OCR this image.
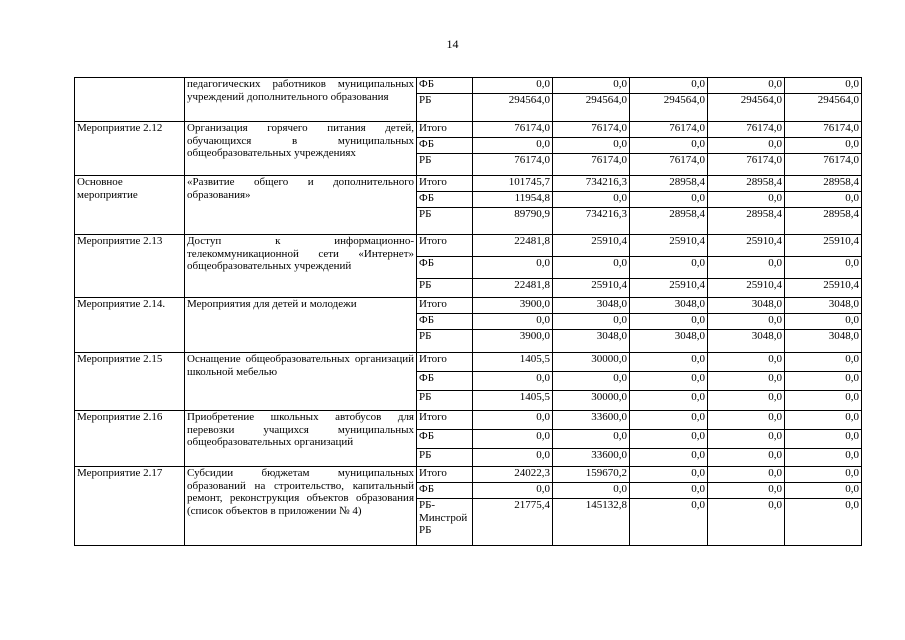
14
	педагогических работников муниципальных учреждений дополнительного образования	ФБ	0,0	0,0	0,0	0,0	0,0
		РБ	294564,0	294564,0	294564,0	294564,0	294564,0
Мероприятие 2.12	Организация горячего питания детей, обучающихся в муниципальных общеобразовательных учреждениях	Итого	76174,0	76174,0	76174,0	76174,0	76174,0
		ФБ	0,0	0,0	0,0	0,0	0,0
		РБ	76174,0	76174,0	76174,0	76174,0	76174,0
Основное мероприятие	«Развитие общего и дополнительного образования»	Итого	101745,7	734216,3	28958,4	28958,4	28958,4
		ФБ	11954,8	0,0	0,0	0,0	0,0
		РБ	89790,9	734216,3	28958,4	28958,4	28958,4
Мероприятие 2.13	Доступ к информационно-телекоммуникационной сети «Интернет» общеобразовательных учреждений	Итого	22481,8	25910,4	25910,4	25910,4	25910,4
		ФБ	0,0	0,0	0,0	0,0	0,0
		РБ	22481,8	25910,4	25910,4	25910,4	25910,4
Мероприятие 2.14.	Мероприятия для детей и молодежи	Итого	3900,0	3048,0	3048,0	3048,0	3048,0
		ФБ	0,0	0,0	0,0	0,0	0,0
		РБ	3900,0	3048,0	3048,0	3048,0	3048,0
Мероприятие 2.15	Оснащение общеобразовательных организаций школьной мебелью	Итого	1405,5	30000,0	0,0	0,0	0,0
		ФБ	0,0	0,0	0,0	0,0	0,0
		РБ	1405,5	30000,0	0,0	0,0	0,0
Мероприятие 2.16	Приобретение школьных автобусов для перевозки учащихся муниципальных общеобразовательных организаций	Итого	0,0	33600,0	0,0	0,0	0,0
		ФБ	0,0	0,0	0,0	0,0	0,0
		РБ	0,0	33600,0	0,0	0,0	0,0
Мероприятие 2.17	Субсидии бюджетам муниципальных образований на строительство, капитальный ремонт, реконструкция объектов образования (список объектов в приложении № 4)	Итого	24022,3	159670,2	0,0	0,0	0,0
		ФБ	0,0	0,0	0,0	0,0	0,0
		РБ-Минстрой РБ	21775,4	145132,8	0,0	0,0	0,0
